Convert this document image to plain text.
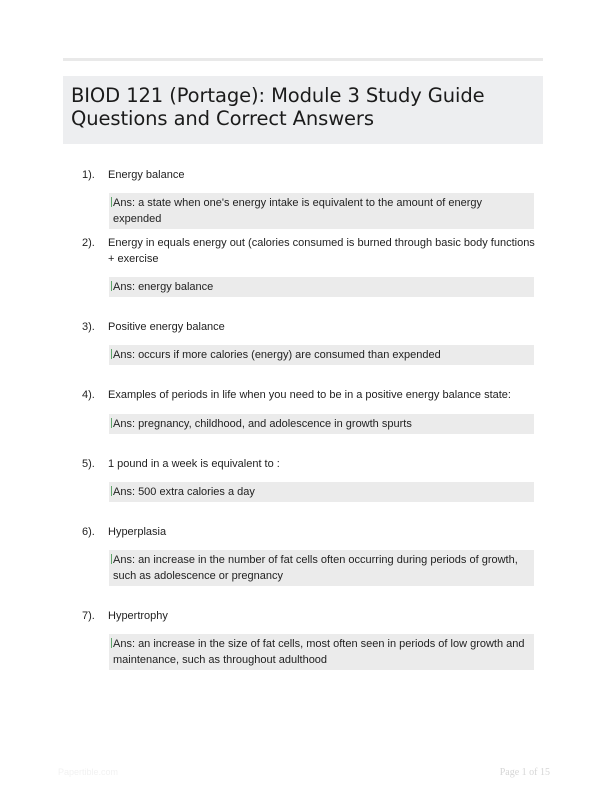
BIOD 121 (Portage): Module 3 Study Guide
Questions and Correct Answers
1). Energy balance
Ans: a state when one's energy intake is equivalent to the amount of energy expended
2). Energy in equals energy out (calories consumed is burned through basic body functions + exercise
Ans: energy balance
3). Positive energy balance
Ans: occurs if more calories (energy) are consumed than expended
4). Examples of periods in life when you need to be in a positive energy balance state:
Ans: pregnancy, childhood, and adolescence in growth spurts
5). 1 pound in a week is equivalent to :
Ans: 500 extra calories a day
6). Hyperplasia
Ans: an increase in the number of fat cells often occurring during periods of growth, such as adolescence or pregnancy
7). Hypertrophy
Ans: an increase in the size of fat cells, most often seen in periods of low growth and maintenance, such as throughout adulthood
Papertible.com	Page 1 of 15
